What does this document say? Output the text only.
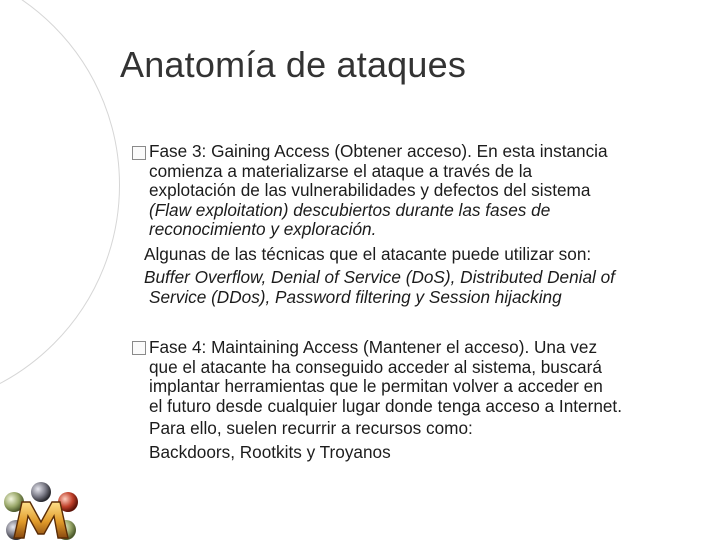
Anatomía de ataques
Fase 3: Gaining Access (Obtener acceso). En esta instancia
comienza a materializarse el ataque a través de la
explotación de las vulnerabilidades y defectos del sistema
(Flaw exploitation) descubiertos durante las fases de
reconocimiento y exploración.
Algunas de las técnicas que el atacante puede utilizar son:
Buffer Overflow, Denial of Service (DoS), Distributed Denial of
Service (DDos), Password filtering y Session hijacking
Fase 4: Maintaining Access (Mantener el acceso). Una vez
que el atacante ha conseguido acceder al sistema, buscará
implantar herramientas que le permitan volver a acceder en
el futuro desde cualquier lugar donde tenga acceso a Internet.
Para ello, suelen recurrir a recursos como:
Backdoors, Rootkits y Troyanos
